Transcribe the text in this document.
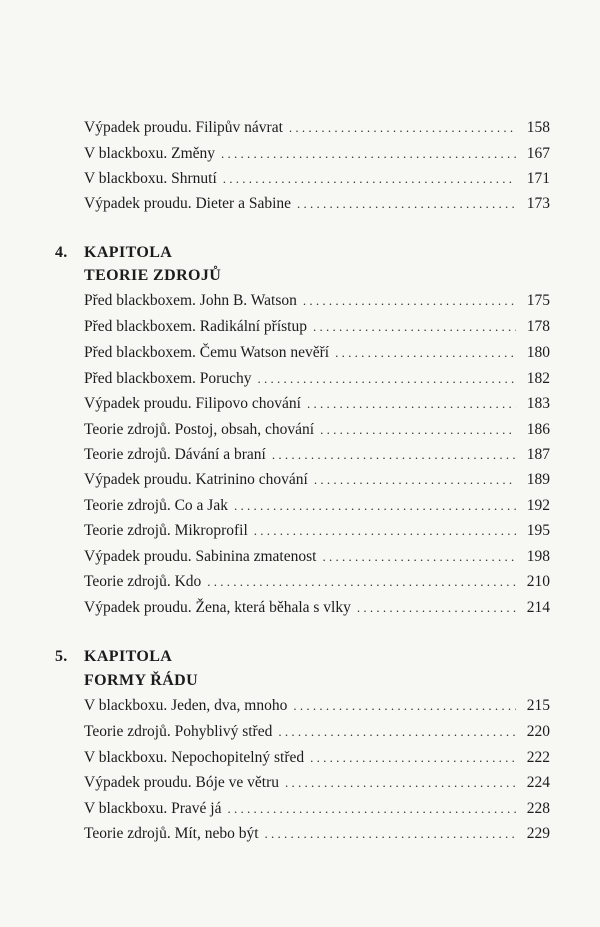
Výpadek proudu. Filipův návrat . . .	158
V blackboxu. Změny . . .	167
V blackboxu. Shrnutí . . .	171
Výpadek proudu. Dieter a Sabine . . .	173
4. KAPITOLA
TEORIE ZDROJŮ
Před blackboxem. John B. Watson . . .	175
Před blackboxem. Radikální přístup . . .	178
Před blackboxem. Čemu Watson nevěří . . .	180
Před blackboxem. Poruchy . . .	182
Výpadek proudu. Filipovo chování . . .	183
Teorie zdrojů. Postoj, obsah, chování . . .	186
Teorie zdrojů. Dávání a braní . . .	187
Výpadek proudu. Katrinino chování . . .	189
Teorie zdrojů. Co a Jak . . .	192
Teorie zdrojů. Mikroprofil . . .	195
Výpadek proudu. Sabinina zmatenost . . .	198
Teorie zdrojů. Kdo . . .	210
Výpadek proudu. Žena, která běhala s vlky . . .	214
5. KAPITOLA
FORMY ŘÁDU
V blackboxu. Jeden, dva, mnoho . . .	215
Teorie zdrojů. Pohyblivý střed . . .	220
V blackboxu. Nepochopitelný střed . . .	222
Výpadek proudu. Bóje ve větru . . .	224
V blackboxu. Pravé já . . .	228
Teorie zdrojů. Mít, nebo být . . .	229
